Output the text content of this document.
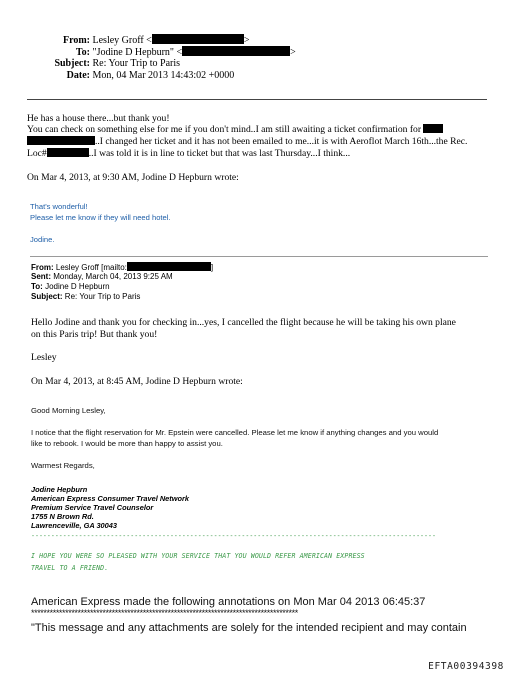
From: Lesley Groff <	>
To: "Jodine D Hepburn" <	>
Subject: Re: Your Trip to Paris
Date: Mon, 04 Mar 2013 14:43:02 +0000
He has a house there...but thank you!
You can check on something else for me if you don't mind..I am still awaiting a ticket confirmation for
..I changed her ticket and it has not been emailed to me...it is with Aeroflot March 16th...the Rec.
Loc#	..I was told it is in line to ticket but that was last Thursday...I think...
On Mar 4, 2013, at 9:30 AM, Jodine D Hepburn wrote:
That's wonderful!
Please let me know if they will need hotel.
Jodine.
From: Lesley Groff [mailto:	]
Sent: Monday, March 04, 2013 9:25 AM
To: Jodine D Hepburn
Subject: Re: Your Trip to Paris
Hello Jodine and thank you for checking in...yes, I cancelled the flight because he will be taking his own plane
on this Paris trip! But thank you!
Lesley
On Mar 4, 2013, at 8:45 AM, Jodine D Hepburn wrote:
Good Morning Lesley,
I notice that the flight reservation for Mr. Epstein were cancelled. Please let me know if anything changes and you would
like to rebook. I would be more than happy to assist you.
Warmest Regards,
Jodine Hepburn
American Express Consumer Travel Network
Premium Service Travel Counselor
1755 N Brown Rd.
Lawrenceville, GA 30043
------------------------------------------------------------------------------------------------------
I HOPE YOU WERE SO PLEASED WITH YOUR SERVICE THAT YOU WOULD REFER AMERICAN EXPRESS
TRAVEL TO A FRIEND.
American Express made the following annotations on Mon Mar 04 2013 06:45:37
**************************************************************************************
"This message and any attachments are solely for the intended recipient and may contain
EFTA00394398
